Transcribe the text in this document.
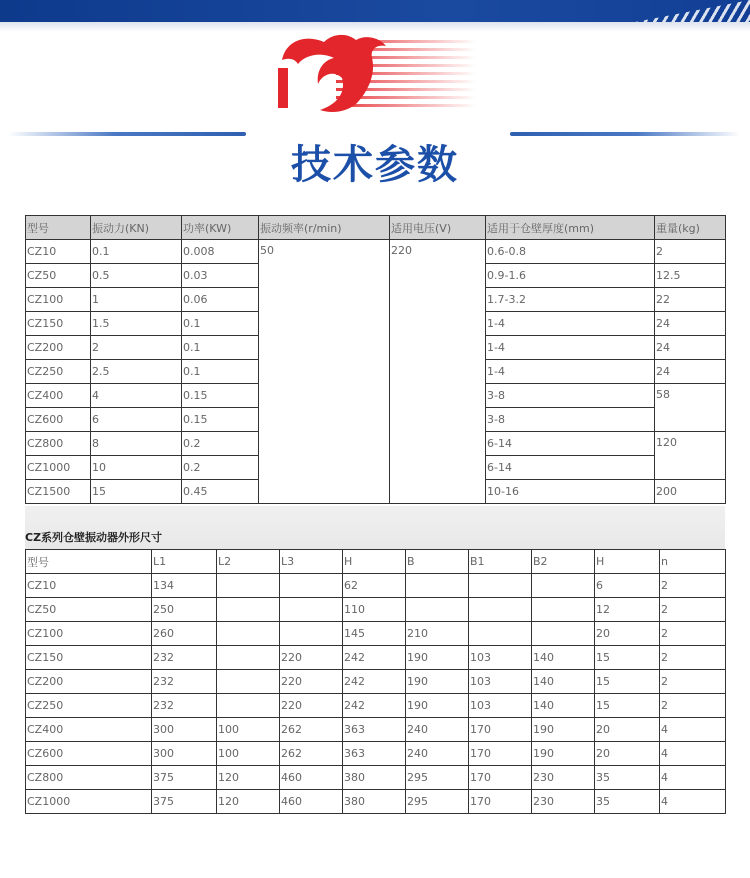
H
技术参数
型号	振动力(KN)	功率(KW)	振动频率(r/min)	适用电压(V)	适用于仓壁厚度(mm)	重量(kg)
CZ10	0.1	0.008	50	220	0.6-0.8	2
CZ50	0.5	0.03			0.9-1.6	12.5
CZ100	1	0.06			1.7-3.2	22
CZ150	1.5	0.1			1-4	24
CZ200	2	0.1			1-4	24
CZ250	2.5	0.1			1-4	24
CZ400	4	0.15			3-8	58
CZ600	6	0.15			3-8	
CZ800	8	0.2			6-14	120
CZ1000	10	0.2			6-14	
CZ1500	15	0.45			10-16	200
CZ系列仓壁振动器外形尺寸
型号	L1	L2	L3	H	B	B1	B2	H	n
CZ10	134			62				6	2
CZ50	250			110				12	2
CZ100	260			145	210			20	2
CZ150	232		220	242	190	103	140	15	2
CZ200	232		220	242	190	103	140	15	2
CZ250	232		220	242	190	103	140	15	2
CZ400	300	100	262	363	240	170	190	20	4
CZ600	300	100	262	363	240	170	190	20	4
CZ800	375	120	460	380	295	170	230	35	4
CZ1000	375	120	460	380	295	170	230	35	4
